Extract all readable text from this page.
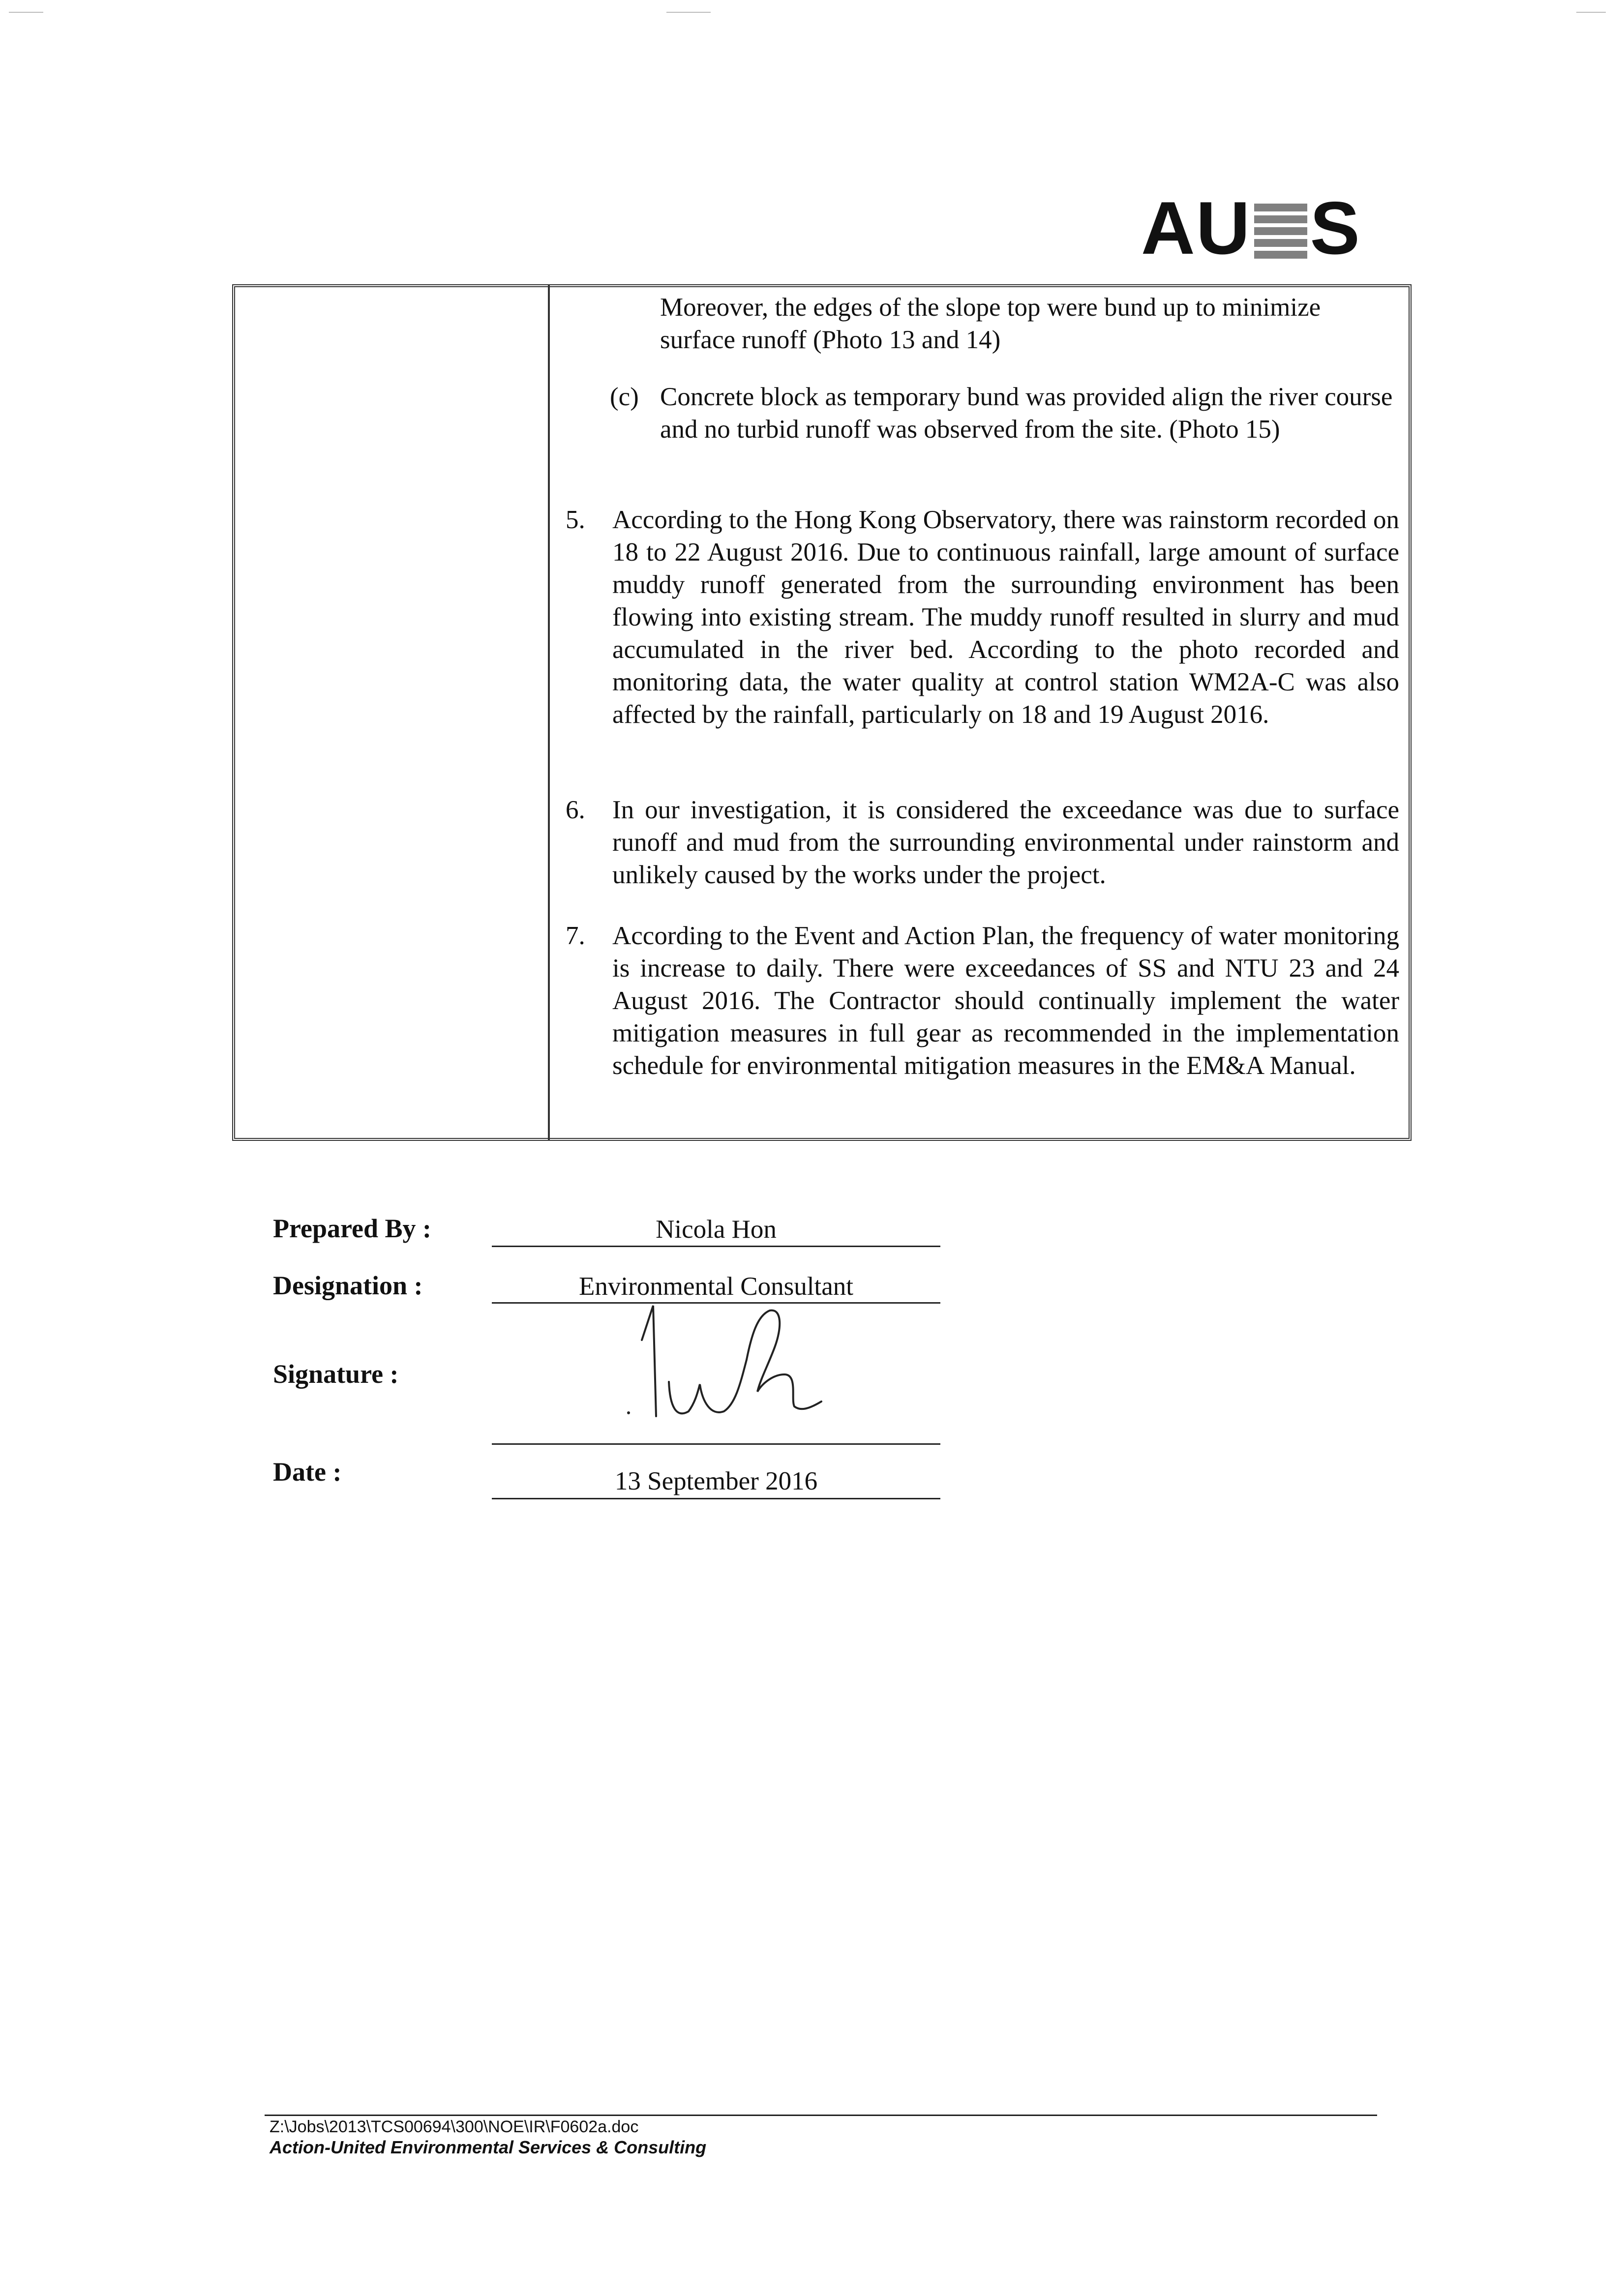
AU S
Moreover, the edges of the slope top were bund up to minimize surface runoff (Photo 13 and 14)
(c) Concrete block as temporary bund was provided align the river course and no turbid runoff was observed from the site. (Photo 15)
5. According to the Hong Kong Observatory, there was rainstorm recorded on 18 to 22 August 2016. Due to continuous rainfall, large amount of surface muddy runoff generated from the surrounding environment has been flowing into existing stream. The muddy runoff resulted in slurry and mud accumulated in the river bed. According to the photo recorded and monitoring data, the water quality at control station WM2A-C was also affected by the rainfall, particularly on 18 and 19 August 2016.
6. In our investigation, it is considered the exceedance was due to surface runoff and mud from the surrounding environmental under rainstorm and unlikely caused by the works under the project.
7. According to the Event and Action Plan, the frequency of water monitoring is increase to daily. There were exceedances of SS and NTU 23 and 24 August 2016. The Contractor should continually implement the water mitigation measures in full gear as recommended in the implementation schedule for environmental mitigation measures in the EM&A Manual.
Prepared By :	Nicola Hon
Designation :	Environmental Consultant
Signature :
Date :	13 September 2016
Z:\Jobs\2013\TCS00694\300\NOE\IR\F0602a.doc
Action-United Environmental Services & Consulting
